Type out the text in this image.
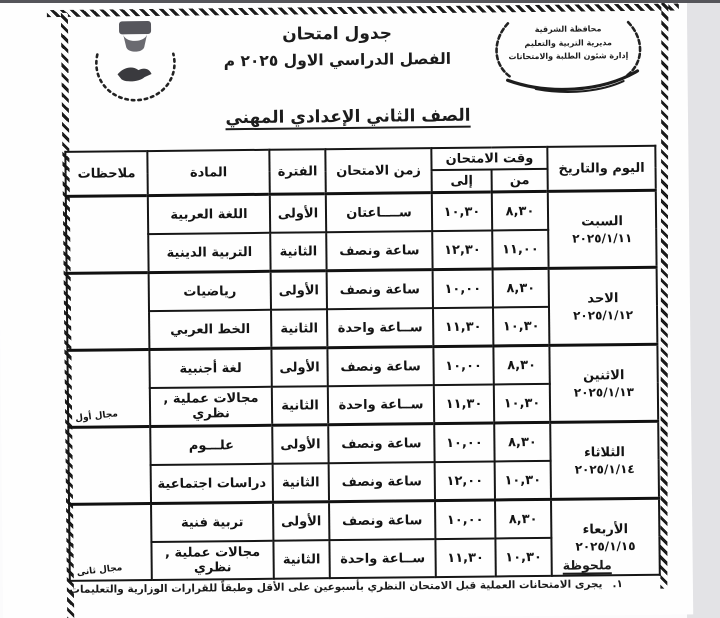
محافظة الشرقية
مديرية التربية والتعليم
إدارة شئون الطلبة والامتحانات
جدول امتحان
الفصل الدراسي الاول ٢٠٢٥ م
الصف الثاني الإعدادي المهني
اليوم والتاريخ	وقت الامتحان		زمن الامتحان	الفترة	المادة	ملاحظات
	من	إلى				

السبت
٢٠٢٥/١/١١	٨,٣٠	١٠,٣٠	ســــاعتان	الأولى	اللغة العربية	

	١١,٠٠	١٢,٣٠	ساعة ونصف	الثانية	التربية الدينية	

الاحد
٢٠٢٥/١/١٢	٨,٣٠	١٠,٠٠	ساعة ونصف	الأولى	رياضيات	

	١٠,٣٠	١١,٣٠	ســاعة واحدة	الثانية	الخط العربي	

الاثنين
٢٠٢٥/١/١٣	٨,٣٠	١٠,٠٠	ساعة ونصف	الأولى	لغة أجنبية	مجال أول

	١٠,٣٠	١١,٣٠	ســاعة واحدة	الثانية	مجالات عملية , نظري	

الثلاثاء
٢٠٢٥/١/١٤	٨,٣٠	١٠,٠٠	ساعة ونصف	الأولى	علـــوم	

	١٠,٣٠	١٢,٠٠	ساعة ونصف	الثانية	دراسات اجتماعية	

الأربعاء
٢٠٢٥/١/١٥	٨,٣٠	١٠,٠٠	ساعة ونصف	الأولى	تربية فنية	مجال ثانى

	١٠,٣٠	١١,٣٠	ســاعة واحدة	الثانية	مجالات عملية , نظري		ملحوظة
١.يجرى الامتحانات العملية قبل الامتحان النظري بأسبوعين على الأقل وطبقاً للقرارات الوزارية والتعليمات
